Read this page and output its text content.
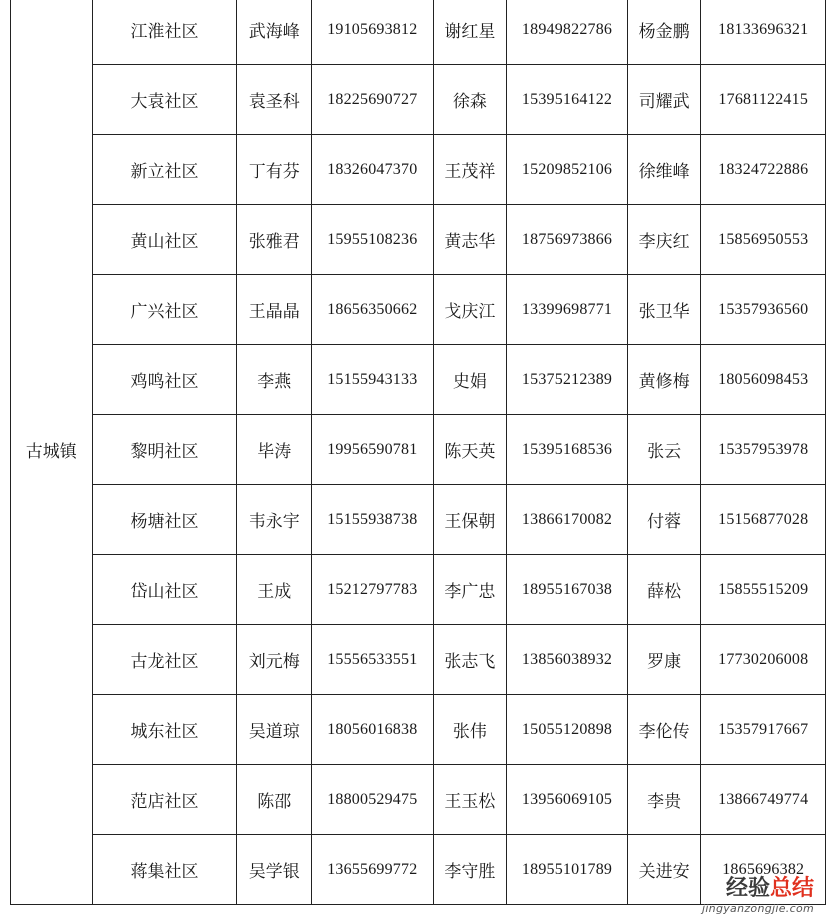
古城镇	江淮社区	武海峰	19105693812	谢红星	18949822786	杨金鹏	18133696321
	大袁社区	袁圣科	18225690727	徐森	15395164122	司耀武	17681122415
	新立社区	丁有芬	18326047370	王茂祥	15209852106	徐维峰	18324722886
	黄山社区	张雅君	15955108236	黄志华	18756973866	李庆红	15856950553
	广兴社区	王晶晶	18656350662	戈庆江	13399698771	张卫华	15357936560
	鸡鸣社区	李燕	15155943133	史娟	15375212389	黄修梅	18056098453
	黎明社区	毕涛	19956590781	陈天英	15395168536	张云	15357953978
	杨塘社区	韦永宇	15155938738	王保朝	13866170082	付蓉	15156877028
	岱山社区	王成	15212797783	李广忠	18955167038	薛松	15855515209
	古龙社区	刘元梅	15556533551	张志飞	13856038932	罗康	17730206008
	城东社区	吴道琼	18056016838	张伟	15055120898	李伦传	15357917667
	范店社区	陈邵	18800529475	王玉松	13956069105	李贵	13866749774
	蒋集社区	吴学银	13655699772	李守胜	18955101789	关进安	1865696382
经验总结
jingyanzongjie.com
